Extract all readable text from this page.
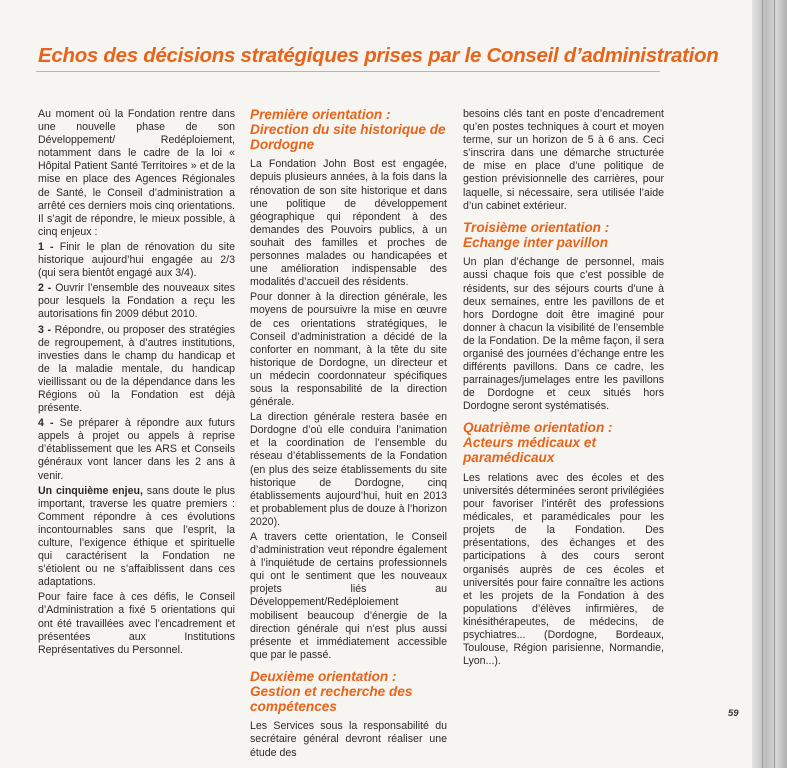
Echos des décisions stratégiques prises par le Conseil d’administration

Au moment où la Fondation rentre dans une nouvelle phase de son Développement/ Redéploiement, notamment dans le cadre de la loi « Hôpital Patient Santé Territoires » et de la mise en place des Agences Régionales de Santé, le Conseil d’administration a arrêté ces derniers mois cinq orientations. Il s’agit de répondre, le mieux possible, à cinq enjeux :

1 - Finir le plan de rénovation du site historique aujourd’hui engagée au 2/3 (qui sera bientôt engagé aux 3/4).

2 - Ouvrir l’ensemble des nouveaux sites pour lesquels la Fondation a reçu les autorisations fin 2009 début 2010.

3 - Répondre, ou proposer des stratégies de regroupement, à d’autres institutions, investies dans le champ du handicap et de la maladie mentale, du handicap vieillissant ou de la dépendance dans les Régions où la Fondation est déjà présente.

4 - Se préparer à répondre aux futurs appels à projet ou appels à reprise d’établissement que les ARS et Conseils généraux vont lancer dans les 2 ans à venir.

Un cinquième enjeu, sans doute le plus important, traverse les quatre premiers : Comment répondre à ces évolutions incontournables sans que l’esprit, la culture, l’exigence éthique et spirituelle qui caractérisent la Fondation ne s’étiolent ou ne s’affaiblissent dans ces adaptations.

Pour faire face à ces défis, le Conseil d’Administration a fixé 5 orientations qui ont été travaillées avec l’encadrement et présentées aux Institutions Représentatives du Personnel.

Première orientation : Direction du site historique de Dordogne

La Fondation John Bost est engagée, depuis plusieurs années, à la fois dans la rénovation de son site historique et dans une politique de développement géographique qui répondent à des demandes des Pouvoirs publics, à un souhait des familles et proches de personnes malades ou handicapées et une amélioration indispensable des modalités d’accueil des résidents.

Pour donner à la direction générale, les moyens de poursuivre la mise en œuvre de ces orientations stratégiques, le Conseil d’administration a décidé de la conforter en nommant, à la tête du site historique de Dordogne, un directeur et un médecin coordonnateur spécifiques sous la responsabilité de la direction générale.

La direction générale restera basée en Dordogne d’où elle conduira l’animation et la coordination de l’ensemble du réseau d’établissements de la Fondation (en plus des seize établissements du site historique de Dordogne, cinq établissements aujourd’hui, huit en 2013 et probablement plus de douze à l’horizon 2020).

A travers cette orientation, le Conseil d’administration veut répondre également à l’inquiétude de certains professionnels qui ont le sentiment que les nouveaux projets liés au Développement/Redéploiement mobilisent beaucoup d’énergie de la direction générale qui n’est plus aussi présente et immédiatement accessible que par le passé.

Deuxième orientation : Gestion et recherche des compétences

Les Services sous la responsabilité du secrétaire général devront réaliser une étude des

besoins clés tant en poste d’encadrement qu’en postes techniques à court et moyen terme, sur un horizon de 5 à 6 ans. Ceci s’inscrira dans une démarche structurée de mise en place d’une politique de gestion prévisionnelle des carrières, pour laquelle, si nécessaire, sera utilisée l’aide d’un cabinet extérieur.

Troisième orientation : Echange inter pavillon

Un plan d’échange de personnel, mais aussi chaque fois que c’est possible de résidents, sur des séjours courts d’une à deux semaines, entre les pavillons de et hors Dordogne doit être imaginé pour donner à chacun la visibilité de l’ensemble de la Fondation. De la même façon, il sera organisé des journées d’échange entre les différents pavillons. Dans ce cadre, les parrainages/jumelages entre les pavillons de Dordogne et ceux situés hors Dordogne seront systématisés.

Quatrième orientation : Acteurs médicaux et paramédicaux

Les relations avec des écoles et des universités déterminées seront privilégiées pour favoriser l’intérêt des professions médicales, et paramédicales pour les projets de la Fondation. Des présentations, des échanges et des participations à des cours seront organisés auprès de ces écoles et universités pour faire connaître les actions et les projets de la Fondation à des populations d’élèves infirmières, de kinésithérapeutes, de médecins, de psychiatres... (Dordogne, Bordeaux, Toulouse, Région parisienne, Normandie, Lyon...).

59
